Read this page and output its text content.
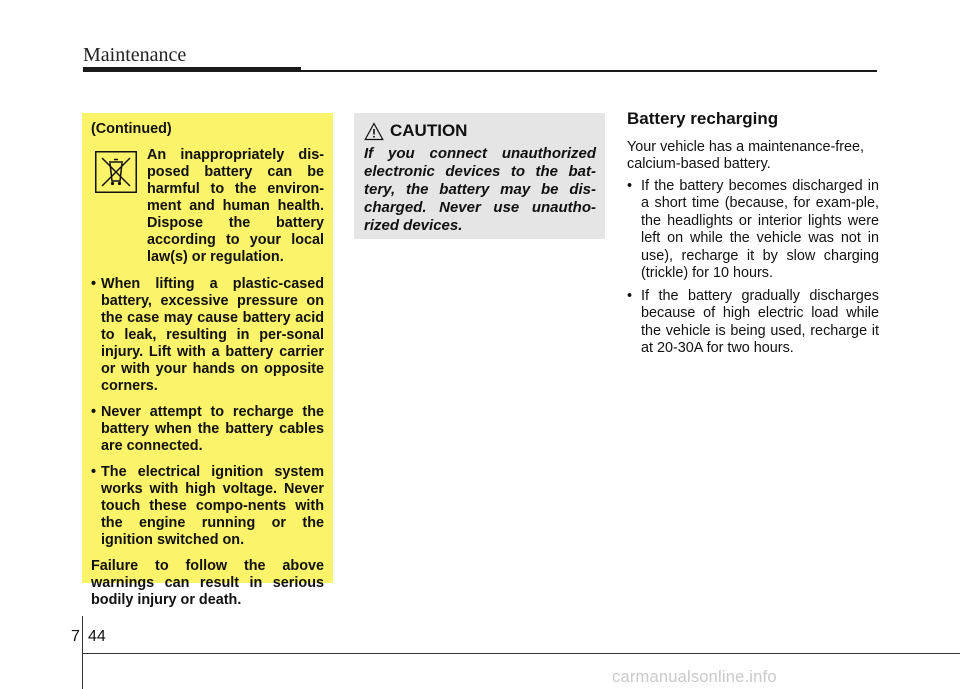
Maintenance

(Continued)

An inappropriately dis-posed battery can be harmful to the environ-ment and human health. Dispose the battery according to your local law(s) or regulation.
• When lifting a plastic-cased battery, excessive pressure on the case may cause battery acid to leak, resulting in per-sonal injury. Lift with a battery carrier or with your hands on opposite corners.
• Never attempt to recharge the battery when the battery cables are connected.
• The electrical ignition system works with high voltage. Never touch these compo-nents with the engine running or the ignition switched on.

Failure to follow the above warnings can result in serious bodily injury or death.

CAUTION

If you connect unauthorized electronic devices to the bat-tery, the battery may be dis-charged. Never use unautho-rized devices.

Battery recharging

Your vehicle has a maintenance-free, calcium-based battery.

• If the battery becomes discharged in a short time (because, for exam-ple, the headlights or interior lights were left on while the vehicle was not in use), recharge it by slow charging (trickle) for 10 hours.
• If the battery gradually discharges because of high electric load while the vehicle is being used, recharge it at 20-30A for two hours.
7 44
carmanualsonline.info
